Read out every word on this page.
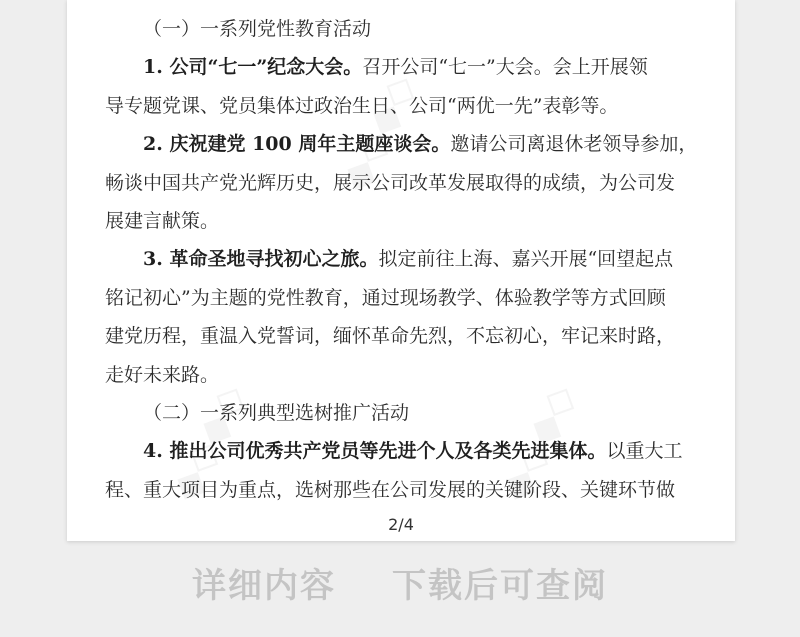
（一）一系列党性教育活动
1. 公司“七一”纪念大会。召开公司“七一”大会。会上开展领
导专题党课、党员集体过政治生日、公司“两优一先”表彰等。
2. 庆祝建党 100 周年主题座谈会。邀请公司离退休老领导参加，
畅谈中国共产党光辉历史，展示公司改革发展取得的成绩，为公司发
展建言献策。
3. 革命圣地寻找初心之旅。拟定前往上海、嘉兴开展“回望起点
铭记初心”为主题的党性教育，通过现场教学、体验教学等方式回顾
建党历程，重温入党誓词，缅怀革命先烈，不忘初心，牢记来时路，
走好未来路。
（二）一系列典型选树推广活动
4. 推出公司优秀共产党员等先进个人及各类先进集体。以重大工
程、重大项目为重点，选树那些在公司发展的关键阶段、关键环节做
2/4
详细内容 下载后可查阅
